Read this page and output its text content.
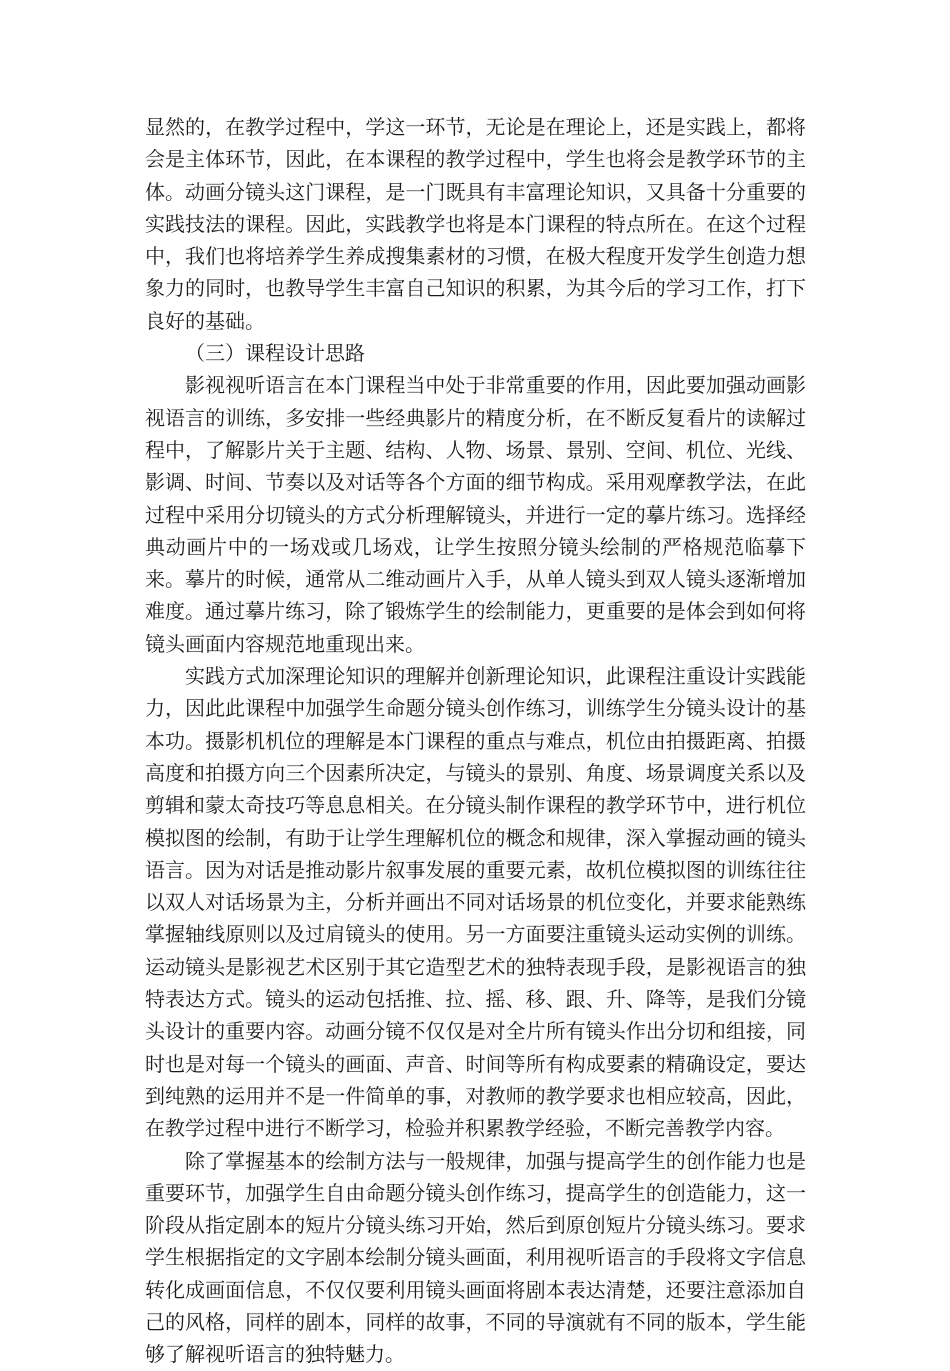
显然的，在教学过程中，学这一环节，无论是在理论上，还是实践上，都将会是主体环节，因此，在本课程的教学过程中，学生也将会是教学环节的主体。动画分镜头这门课程，是一门既具有丰富理论知识，又具备十分重要的实践技法的课程。因此，实践教学也将是本门课程的特点所在。在这个过程中，我们也将培养学生养成搜集素材的习惯，在极大程度开发学生创造力想象力的同时，也教导学生丰富自己知识的积累，为其今后的学习工作，打下良好的基础。

（三）课程设计思路

影视视听语言在本门课程当中处于非常重要的作用，因此要加强动画影视语言的训练，多安排一些经典影片的精度分析，在不断反复看片的读解过程中，了解影片关于主题、结构、人物、场景、景别、空间、机位、光线、影调、时间、节奏以及对话等各个方面的细节构成。采用观摩教学法，在此过程中采用分切镜头的方式分析理解镜头，并进行一定的摹片练习。选择经典动画片中的一场戏或几场戏，让学生按照分镜头绘制的严格规范临摹下来。摹片的时候，通常从二维动画片入手，从单人镜头到双人镜头逐渐增加难度。通过摹片练习，除了锻炼学生的绘制能力，更重要的是体会到如何将镜头画面内容规范地重现出来。

实践方式加深理论知识的理解并创新理论知识，此课程注重设计实践能力，因此此课程中加强学生命题分镜头创作练习，训练学生分镜头设计的基本功。摄影机机位的理解是本门课程的重点与难点，机位由拍摄距离、拍摄高度和拍摄方向三个因素所决定，与镜头的景别、角度、场景调度关系以及剪辑和蒙太奇技巧等息息相关。在分镜头制作课程的教学环节中，进行机位模拟图的绘制，有助于让学生理解机位的概念和规律，深入掌握动画的镜头语言。因为对话是推动影片叙事发展的重要元素，故机位模拟图的训练往往以双人对话场景为主，分析并画出不同对话场景的机位变化，并要求能熟练掌握轴线原则以及过肩镜头的使用。另一方面要注重镜头运动实例的训练。运动镜头是影视艺术区别于其它造型艺术的独特表现手段，是影视语言的独特表达方式。镜头的运动包括推、拉、摇、移、跟、升、降等，是我们分镜头设计的重要内容。动画分镜不仅仅是对全片所有镜头作出分切和组接，同时也是对每一个镜头的画面、声音、时间等所有构成要素的精确设定，要达到纯熟的运用并不是一件简单的事，对教师的教学要求也相应较高，因此，在教学过程中进行不断学习，检验并积累教学经验，不断完善教学内容。

除了掌握基本的绘制方法与一般规律，加强与提高学生的创作能力也是重要环节，加强学生自由命题分镜头创作练习，提高学生的创造能力，这一阶段从指定剧本的短片分镜头练习开始，然后到原创短片分镜头练习。要求学生根据指定的文字剧本绘制分镜头画面，利用视听语言的手段将文字信息转化成画面信息，不仅仅要利用镜头画面将剧本表达清楚，还要注意添加自己的风格，同样的剧本，同样的故事，不同的导演就有不同的版本，学生能够了解视听语言的独特魅力。
